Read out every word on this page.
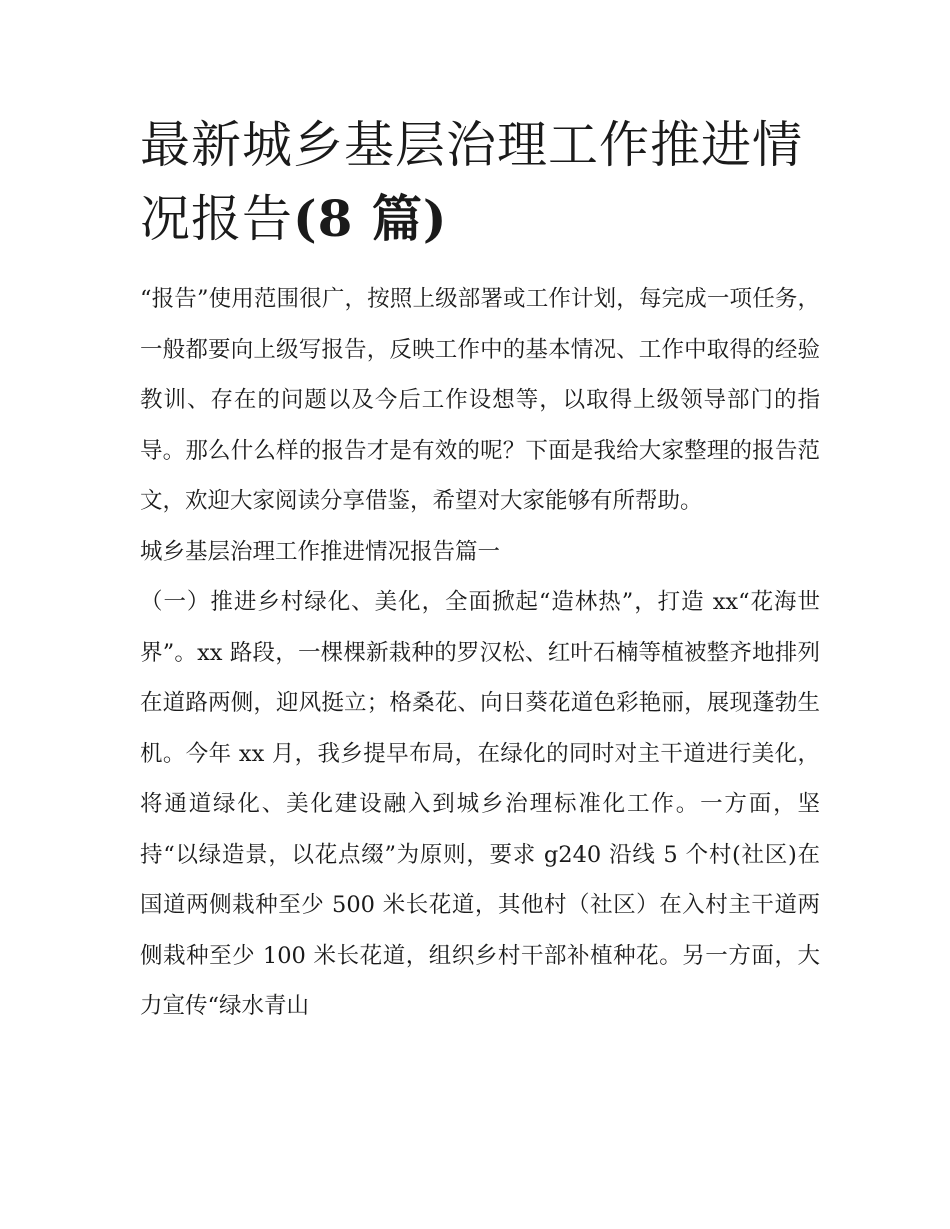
最新城乡基层治理工作推进情
况报告(8 篇)

“报告”使用范围很广，按照上级部署或工作计划，每完成一项任务，一般都要向上级写报告，反映工作中的基本情况、工作中取得的经验教训、存在的问题以及今后工作设想等，以取得上级领导部门的指导。那么什么样的报告才是有效的呢？下面是我给大家整理的报告范文，欢迎大家阅读分享借鉴，希望对大家能够有所帮助。

城乡基层治理工作推进情况报告篇一

（一）推进乡村绿化、美化，全面掀起“造林热”，打造 xx“花海世界”。xx 路段，一棵棵新栽种的罗汉松、红叶石楠等植被整齐地排列在道路两侧，迎风挺立；格桑花、向日葵花道色彩艳丽，展现蓬勃生机。今年 xx 月，我乡提早布局，在绿化的同时对主干道进行美化，将通道绿化、美化建设融入到城乡治理标准化工作。一方面，坚持“以绿造景，以花点缀”为原则，要求 g240 沿线 5 个村(社区)在国道两侧栽种至少 500 米长花道，其他村（社区）在入村主干道两侧栽种至少 100 米长花道，组织乡村干部补植种花。另一方面，大力宣传“绿水青山
